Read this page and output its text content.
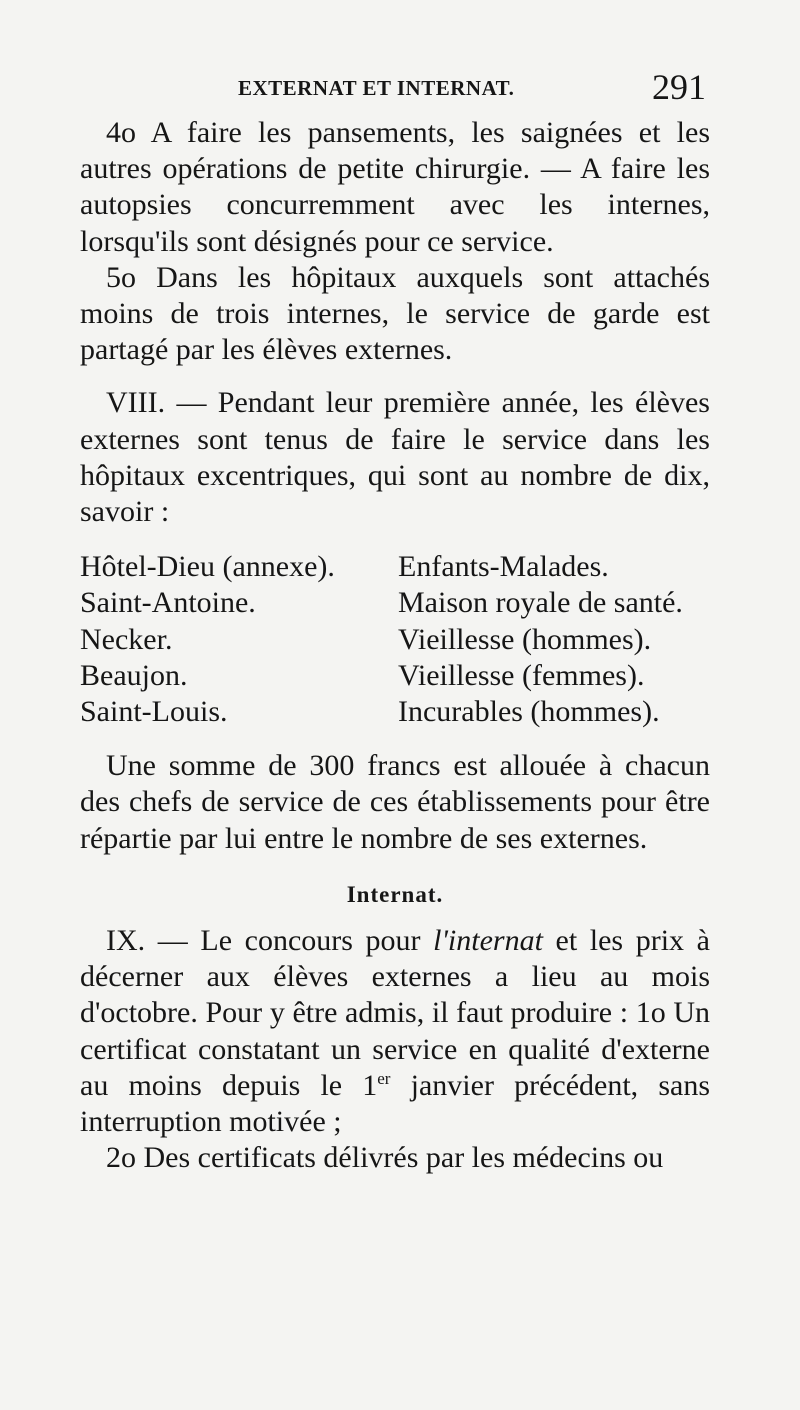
EXTERNAT ET INTERNAT.	291

4o A faire les pansements, les saignées et les autres opérations de petite chirurgie. — A faire les autopsies concurremment avec les internes, lorsqu'ils sont désignés pour ce service.

5o Dans les hôpitaux auxquels sont attachés moins de trois internes, le service de garde est partagé par les élèves externes.

VIII. — Pendant leur première année, les élèves externes sont tenus de faire le service dans les hôpitaux excentriques, qui sont au nombre de dix, savoir :

Hôtel-Dieu (annexe).	Enfants-Malades.
Saint-Antoine.	Maison royale de santé.
Necker.	Vieillesse (hommes).
Beaujon.	Vieillesse (femmes).
Saint-Louis.	Incurables (hommes).

Une somme de 300 francs est allouée à chacun des chefs de service de ces établissements pour être répartie par lui entre le nombre de ses externes.

Internat.

IX. — Le concours pour l'internat et les prix à décerner aux élèves externes a lieu au mois d'octobre. Pour y être admis, il faut produire : 1o Un certificat constatant un service en qualité d'externe au moins depuis le 1er janvier précédent, sans interruption motivée ;

2o Des certificats délivrés par les médecins ou
